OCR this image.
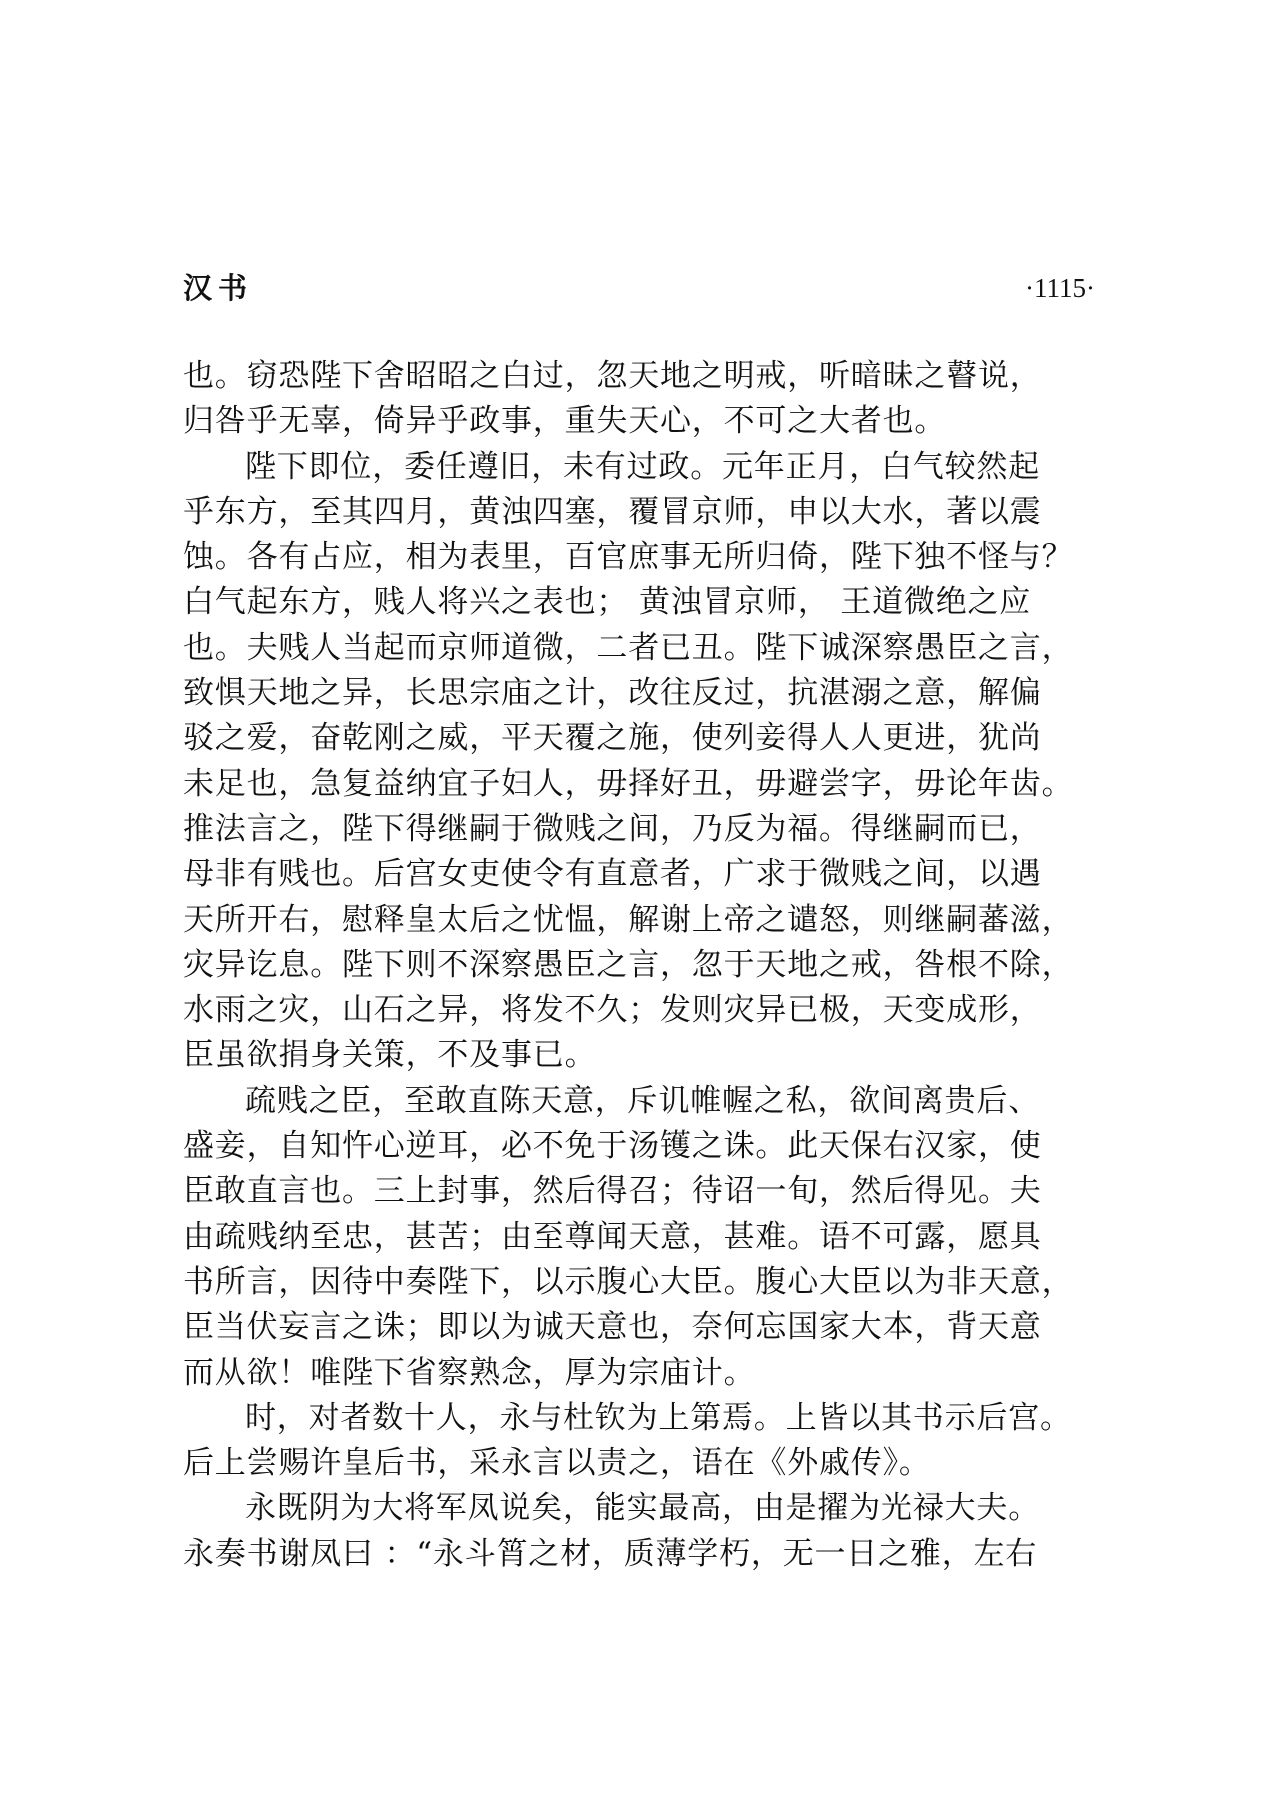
汉书	·1115·
也。窃恐陛下舍昭昭之白过，忽天地之明戒，听暗昧之瞽说，
归咎乎无辜，倚异乎政事，重失天心，不可之大者也。
陛下即位，委任遵旧，未有过政。元年正月，白气较然起
乎东方，至其四月，黄浊四塞，覆冒京师，申以大水，著以震
蚀。各有占应，相为表里，百官庶事无所归倚，陛下独不怪与？
白气起东方，贱人将兴之表也； 黄浊冒京师， 王道微绝之应
也。夫贱人当起而京师道微，二者已丑。陛下诚深察愚臣之言，
致惧天地之异，长思宗庙之计，改往反过，抗湛溺之意，解偏
驳之爱，奋乾刚之威，平天覆之施，使列妾得人人更进，犹尚
未足也，急复益纳宜子妇人，毋择好丑，毋避尝字，毋论年齿。
推法言之，陛下得继嗣于微贱之间，乃反为福。得继嗣而已，
母非有贱也。后宫女吏使令有直意者，广求于微贱之间，以遇
天所开右，慰释皇太后之忧愠，解谢上帝之谴怒，则继嗣蕃滋，
灾异讫息。陛下则不深察愚臣之言，忽于天地之戒，咎根不除，
水雨之灾，山石之异，将发不久；发则灾异已极，天变成形，
臣虽欲捐身关策，不及事已。
疏贱之臣，至敢直陈天意，斥讥帷幄之私，欲间离贵后、
盛妾，自知忤心逆耳，必不免于汤镬之诛。此天保右汉家，使
臣敢直言也。三上封事，然后得召；待诏一旬，然后得见。夫
由疏贱纳至忠，甚苦；由至尊闻天意，甚难。语不可露，愿具
书所言，因待中奏陛下，以示腹心大臣。腹心大臣以为非天意，
臣当伏妄言之诛；即以为诚天意也，奈何忘国家大本，背天意
而从欲！唯陛下省察熟念，厚为宗庙计。
时，对者数十人，永与杜钦为上第焉。上皆以其书示后宫。
后上尝赐许皇后书，采永言以责之，语在《外戚传》。
永既阴为大将军凤说矣，能实最高，由是擢为光禄大夫。
永奏书谢凤曰 ：“永斗筲之材，质薄学朽，无一日之雅，左右
